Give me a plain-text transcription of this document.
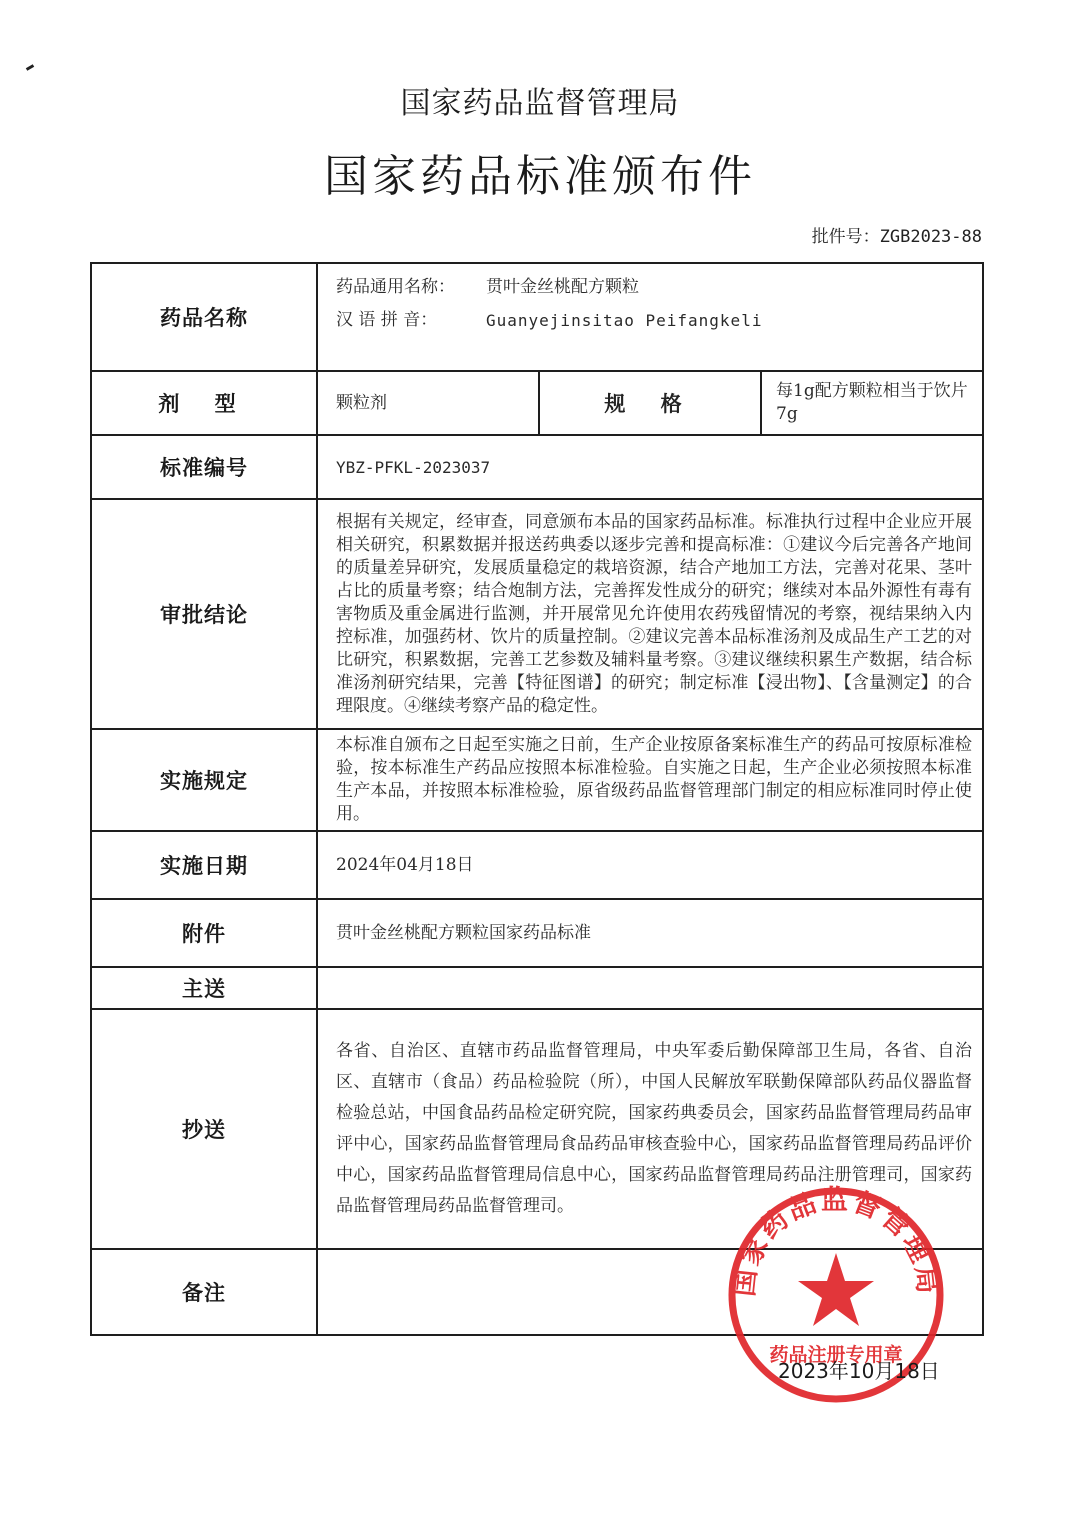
国家药品监督管理局
国家药品标准颁布件
批件号：ZGB2023-88
药品名称	药品通用名称： 贯叶金丝桃配方颗粒
汉 语 拼 音： Guanyejinsitao Peifangkeli		

剂 型	颗粒剂	规 格	每1g配方颗粒相当于饮片7g
标准编号	YBZ-PFKL-2023037		
审批结论	根据有关规定，经审查，同意颁布本品的国家药品标准。标准执行过程中企业应开展相关研究，积累数据并报送药典委以逐步完善和提高标准：①建议今后完善各产地间的质量差异研究，发展质量稳定的栽培资源，结合产地加工方法，完善对花果、茎叶占比的质量考察；结合炮制方法，完善挥发性成分的研究；继续对本品外源性有毒有害物质及重金属进行监测，并开展常见允许使用农药残留情况的考察，视结果纳入内控标准，加强药材、饮片的质量控制。②建议完善本品标准汤剂及成品生产工艺的对比研究，积累数据，完善工艺参数及辅料量考察。③建议继续积累生产数据，结合标准汤剂研究结果，完善【特征图谱】的研究；制定标准【浸出物】、【含量测定】的合理限度。④继续考察产品的稳定性。		
实施规定	本标准自颁布之日起至实施之日前，生产企业按原备案标准生产的药品可按原标准检验，按本标准生产药品应按照本标准检验。自实施之日起，生产企业必须按照本标准生产本品，并按照本标准检验，原省级药品监督管理部门制定的相应标准同时停止使用。		
实施日期	2024年04月18日		
附件	贯叶金丝桃配方颗粒国家药品标准		
主送			
抄送	各省、自治区、直辖市药品监督管理局，中央军委后勤保障部卫生局，各省、自治区、直辖市（食品）药品检验院（所），中国人民解放军联勤保障部队药品仪器监督检验总站，中国食品药品检定研究院，国家药典委员会，国家药品监督管理局药品审评中心，国家药品监督管理局食品药品审核查验中心，国家药品监督管理局药品评价中心，国家药品监督管理局信息中心，国家药品监督管理局药品注册管理司，国家药品监督管理局药品监督管理司。		
备注				国家药品监督管理局
药品注册专用章
2023年10月18日
